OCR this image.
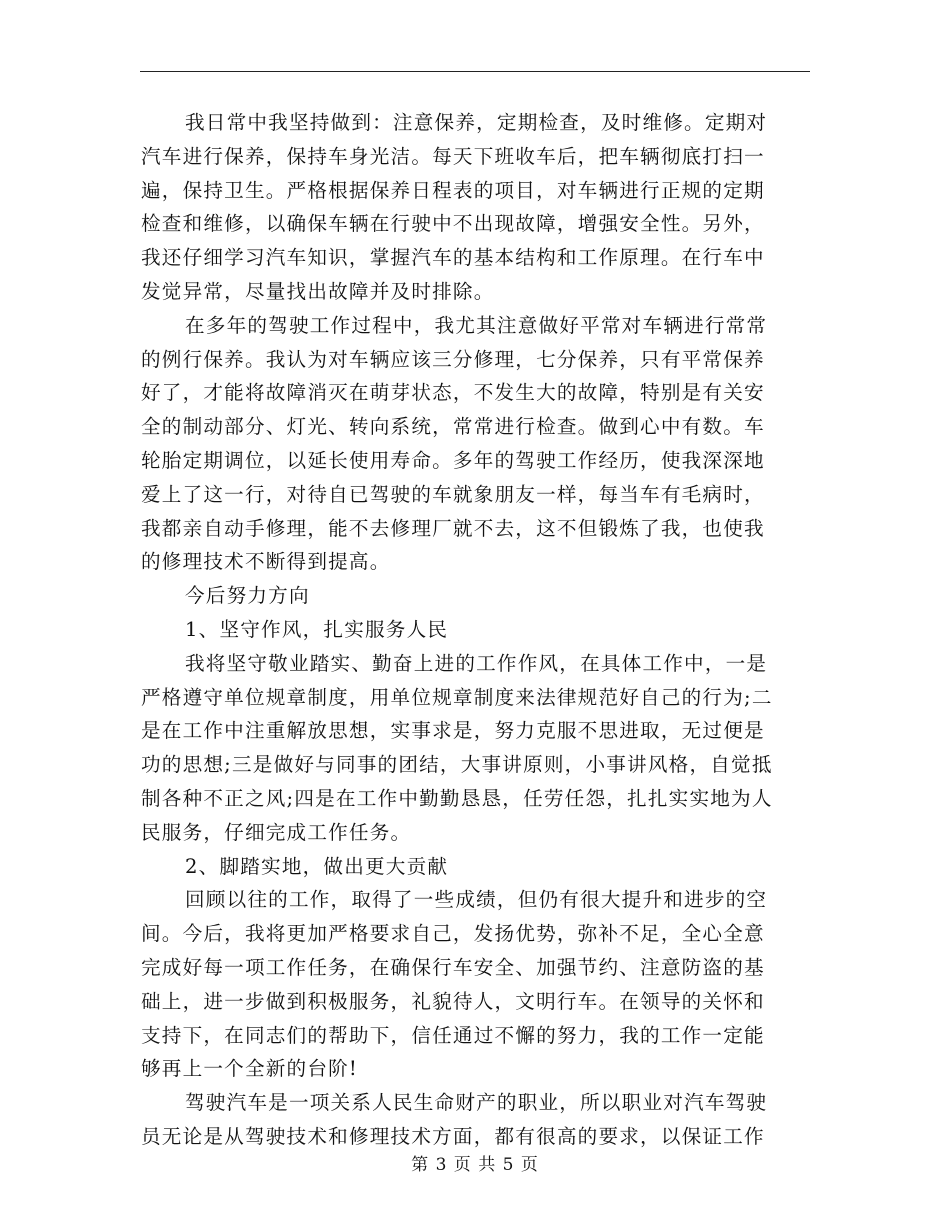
我日常中我坚持做到：注意保养，定期检查，及时维修。定期对
汽车进行保养，保持车身光洁。每天下班收车后，把车辆彻底打扫一
遍，保持卫生。严格根据保养日程表的项目，对车辆进行正规的定期
检查和维修，以确保车辆在行驶中不出现故障，增强安全性。另外，
我还仔细学习汽车知识，掌握汽车的基本结构和工作原理。在行车中
发觉异常，尽量找出故障并及时排除。
在多年的驾驶工作过程中，我尤其注意做好平常对车辆进行常常
的例行保养。我认为对车辆应该三分修理，七分保养，只有平常保养
好了，才能将故障消灭在萌芽状态，不发生大的故障，特别是有关安
全的制动部分、灯光、转向系统，常常进行检查。做到心中有数。车
轮胎定期调位，以延长使用寿命。多年的驾驶工作经历，使我深深地
爱上了这一行，对待自已驾驶的车就象朋友一样，每当车有毛病时，
我都亲自动手修理，能不去修理厂就不去，这不但锻炼了我，也使我
的修理技术不断得到提高。
今后努力方向
1、坚守作风，扎实服务人民
我将坚守敬业踏实、勤奋上进的工作作风，在具体工作中，一是
严格遵守单位规章制度，用单位规章制度来法律规范好自己的行为;二
是在工作中注重解放思想，实事求是，努力克服不思进取，无过便是
功的思想;三是做好与同事的团结，大事讲原则，小事讲风格，自觉抵
制各种不正之风;四是在工作中勤勤恳恳，任劳任怨，扎扎实实地为人
民服务，仔细完成工作任务。
2、脚踏实地，做出更大贡献
回顾以往的工作，取得了一些成绩，但仍有很大提升和进步的空
间。今后，我将更加严格要求自己，发扬优势，弥补不足，全心全意
完成好每一项工作任务，在确保行车安全、加强节约、注意防盗的基
础上，进一步做到积极服务，礼貌待人，文明行车。在领导的关怀和
支持下，在同志们的帮助下，信任通过不懈的努力，我的工作一定能
够再上一个全新的台阶!
驾驶汽车是一项关系人民生命财产的职业，所以职业对汽车驾驶
员无论是从驾驶技术和修理技术方面，都有很高的要求，以保证工作
第 3 页 共 5 页
